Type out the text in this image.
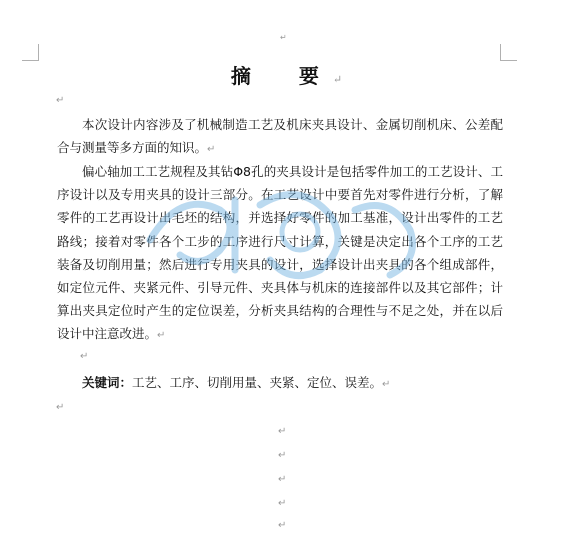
↵
摘　要↵
↵

本次设计内容涉及了机械制造工艺及机床夹具设计、金属切削机床、公差配合与测量等多方面的知识。↵

偏心轴加工工艺规程及其钻Φ8孔的夹具设计是包括零件加工的工艺设计、工序设计以及专用夹具的设计三部分。在工艺设计中要首先对零件进行分析，了解零件的工艺再设计出毛坯的结构，并选择好零件的加工基准，设计出零件的工艺路线；接着对零件各个工步的工序进行尺寸计算，关键是决定出各个工序的工艺装备及切削用量；然后进行专用夹具的设计，选择设计出夹具的各个组成部件，如定位元件、夹紧元件、引导元件、夹具体与机床的连接部件以及其它部件；计算出夹具定位时产生的定位误差，分析夹具结构的合理性与不足之处，并在以后设计中注意改进。↵

↵
关键词：工艺、工序、切削用量、夹紧、定位、误差。↵
↵
↵
↵
↵
↵
↵
